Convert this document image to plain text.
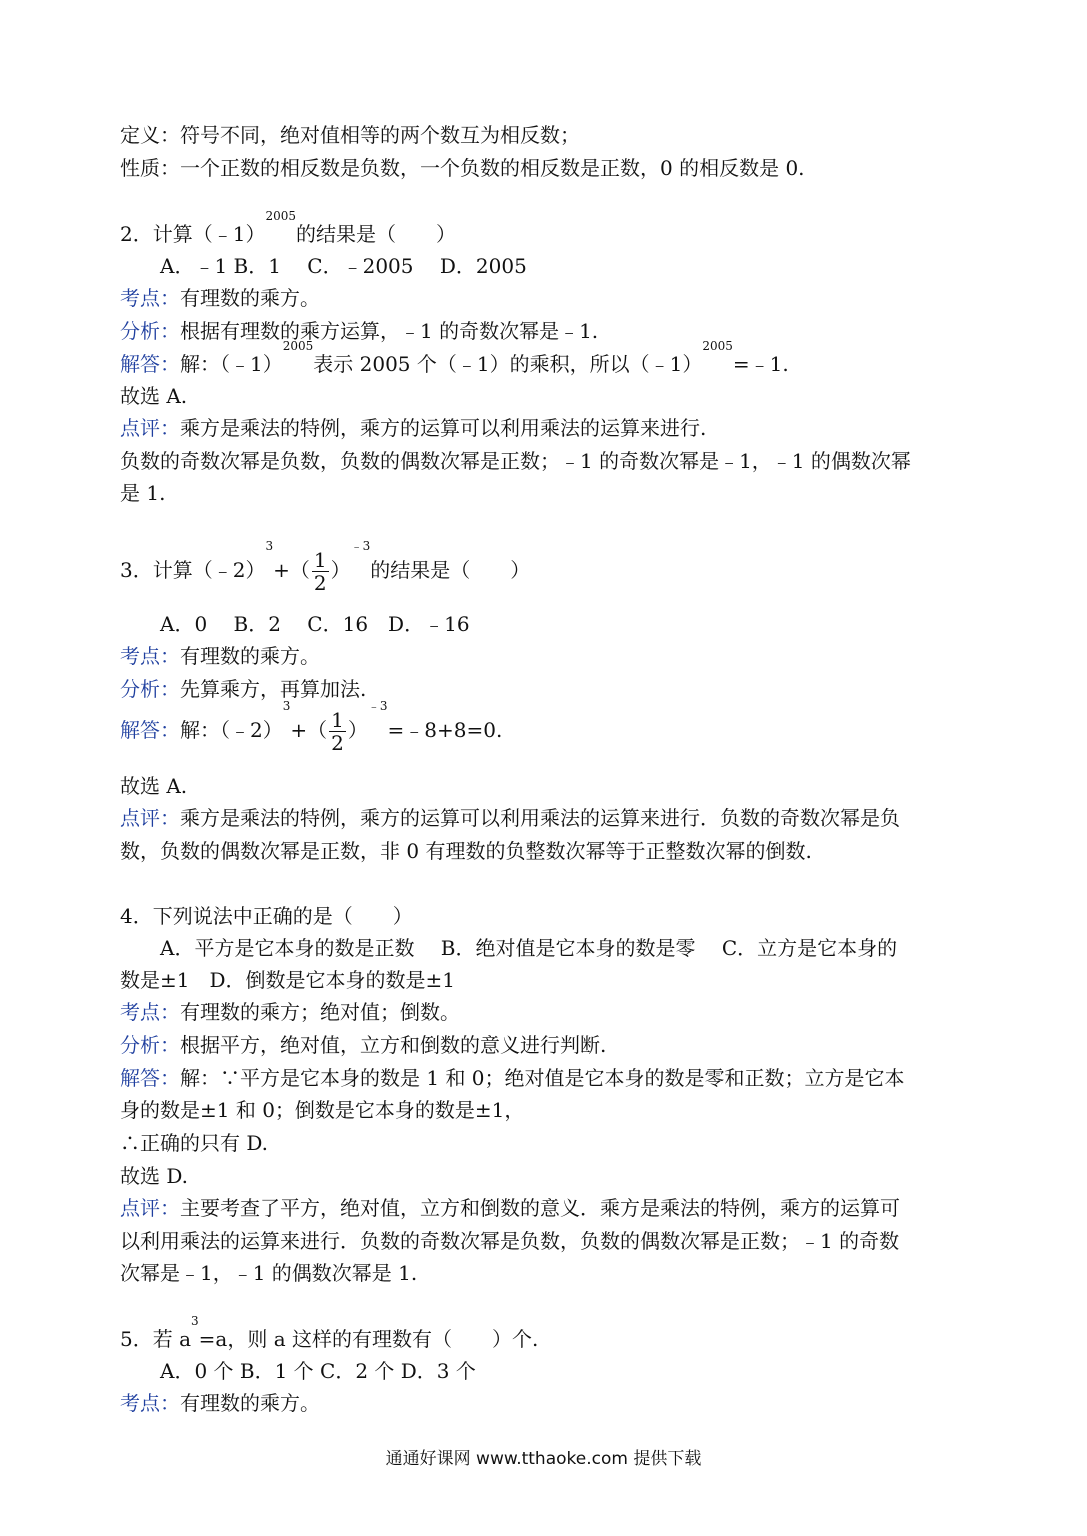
定义：符号不同，绝对值相等的两个数互为相反数；
性质：一个正数的相反数是负数，一个负数的相反数是正数，0 的相反数是 0.
2．计算（﹣1）$^{2005}$的结果是（　　）
A．﹣1 B．1　 C．﹣2005　 D．2005
考点：有理数的乘方。
分析：根据有理数的乘方运算，﹣1 的奇数次幂是﹣1.
解答：解：（﹣1）$^{2005}$表示 2005 个（﹣1）的乘积，所以（﹣1）$^{2005}$=﹣1.
故选 A.
点评：乘方是乘法的特例，乘方的运算可以利用乘法的运算来进行.
负数的奇数次幂是负数，负数的偶数次幂是正数；﹣1 的奇数次幂是﹣1，﹣1 的偶数次幂
是 1.
3．计算（﹣2）$^3$+（ $\frac{1}{2} )^{﹣3}$的结果是（　　）
A．0　 B．2　 C．16　D．﹣16
考点：有理数的乘方。
分析：先算乘方，再算加法.
解答：解：（﹣2）$^3$+（ $\frac{1}{2}$ ）$^{﹣3}$=﹣8+8=0.
故选 A.
点评：乘方是乘法的特例，乘方的运算可以利用乘法的运算来进行．负数的奇数次幂是负
数，负数的偶数次幂是正数，非 0 有理数的负整数次幂等于正整数次幂的倒数.
4．下列说法中正确的是（　　）
A．平方是它本身的数是正数　 B．绝对值是它本身的数是零　 C．立方是它本身的
数是±1　D．倒数是它本身的数是±1
考点：有理数的乘方；绝对值；倒数。
分析：根据平方，绝对值，立方和倒数的意义进行判断.
解答：解：∵平方是它本身的数是 1 和 0；绝对值是它本身的数是零和正数；立方是它本
身的数是±1 和 0；倒数是它本身的数是±1，
∴正确的只有 D.
故选 D.
点评：主要考查了平方，绝对值，立方和倒数的意义．乘方是乘法的特例，乘方的运算可
以利用乘法的运算来进行．负数的奇数次幂是负数，负数的偶数次幂是正数；﹣1 的奇数
次幂是﹣1，﹣1 的偶数次幂是 1.
5．若 $a^3=a$，则 a 这样的有理数有（　　）个.
A．0 个 B．1 个 C．2 个 D．3 个
考点：有理数的乘方。
通通好课网 www.tthaoke.com 提供下载
